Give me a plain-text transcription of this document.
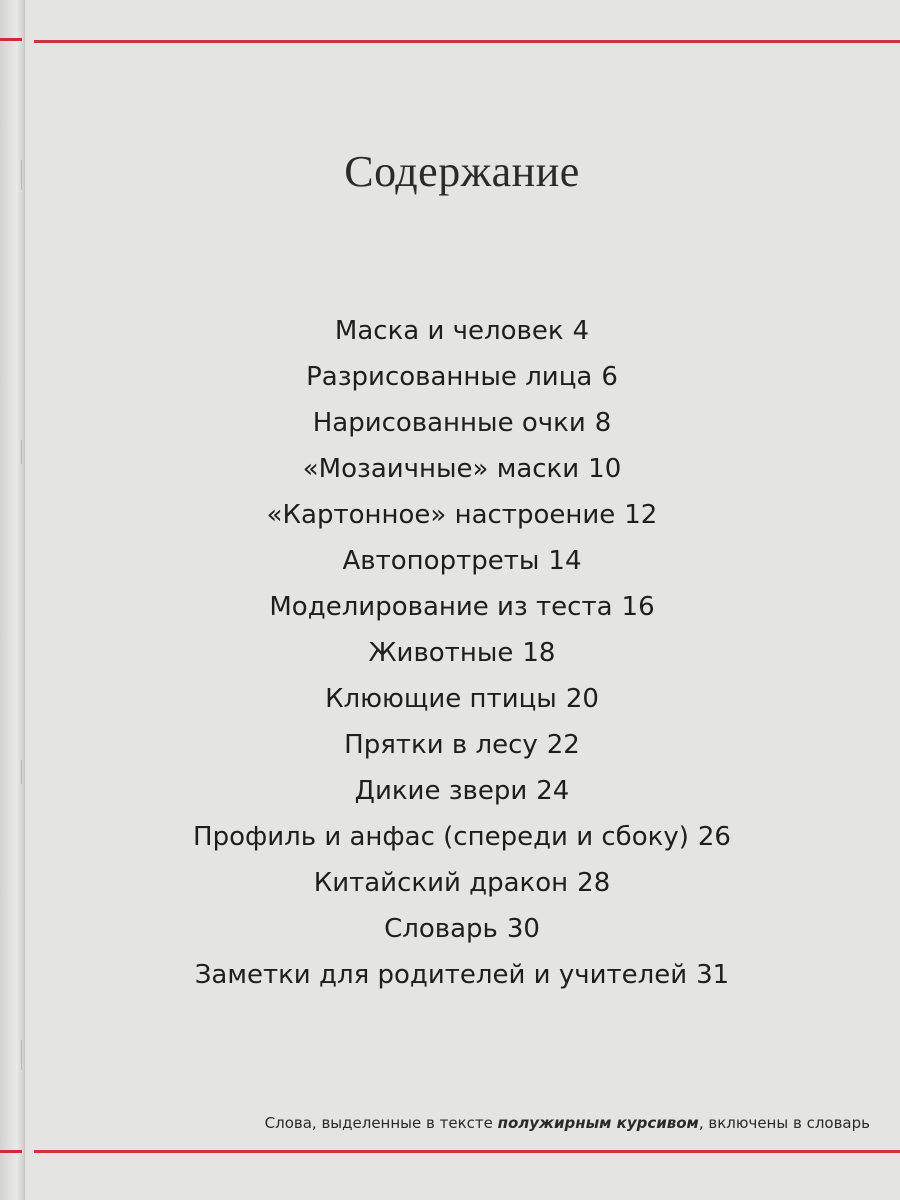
Содержание
Маска и человек 4
Разрисованные лица 6
Нарисованные очки 8
«Мозаичные» маски 10
«Картонное» настроение 12
Автопортреты 14
Моделирование из теста 16
Животные 18
Клюющие птицы 20
Прятки в лесу 22
Дикие звери 24
Профиль и анфас (спереди и сбоку) 26
Китайский дракон 28
Словарь 30
Заметки для родителей и учителей 31
Слова, выделенные в тексте полужирным курсивом, включены в словарь
